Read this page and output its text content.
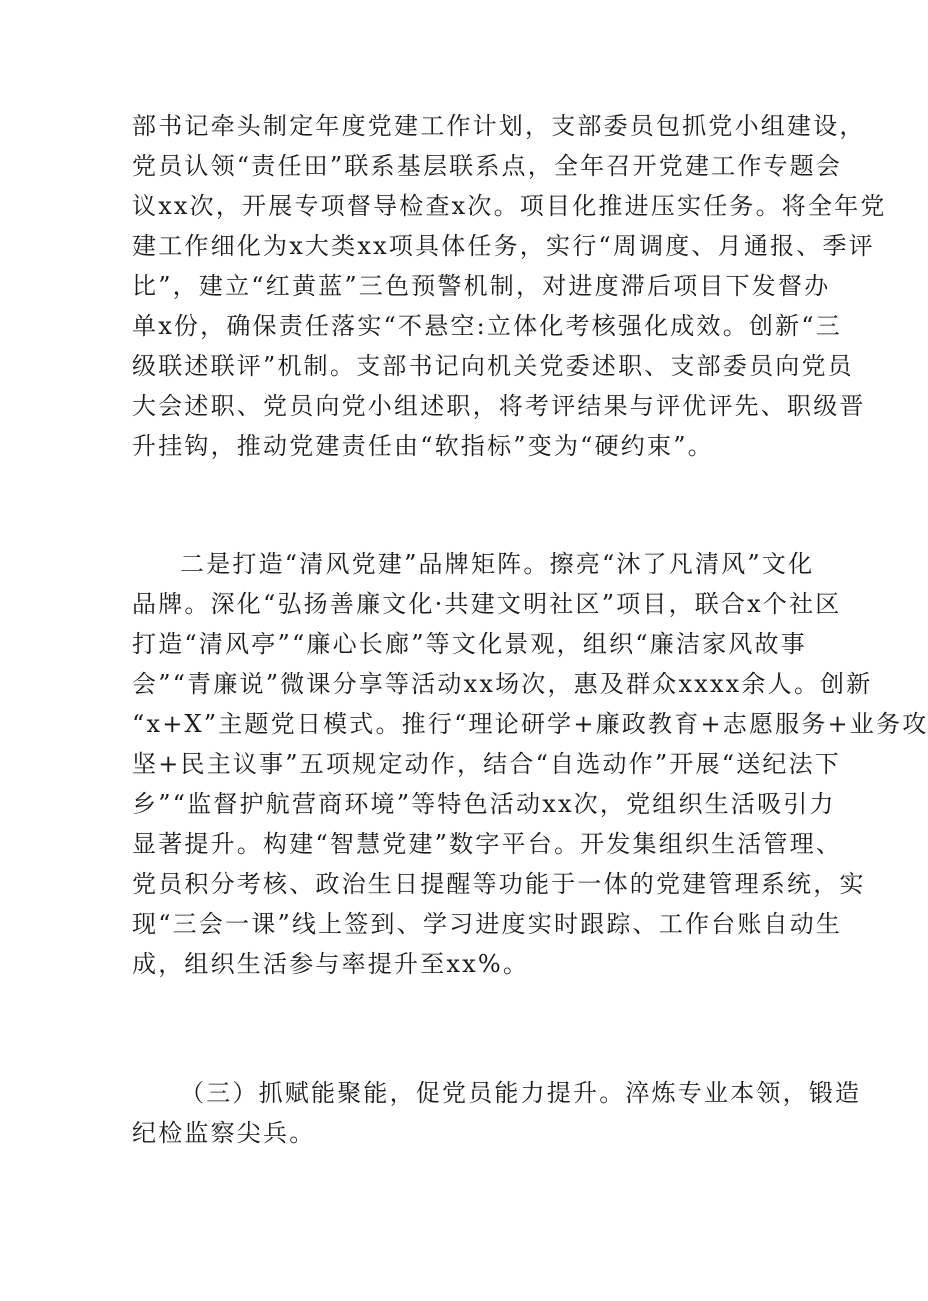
部书记牵头制定年度党建工作计划，支部委员包抓党小组建设，
党员认领“责任田”联系基层联系点，全年召开党建工作专题会
议xx次，开展专项督导检查x次。项目化推进压实任务。将全年党
建工作细化为x大类xx项具体任务，实行“周调度、月通报、季评
比”，建立“红黄蓝”三色预警机制，对进度滞后项目下发督办
单x份，确保责任落实“不悬空:立体化考核强化成效。创新“三
级联述联评”机制。支部书记向机关党委述职、支部委员向党员
大会述职、党员向党小组述职，将考评结果与评优评先、职级晋
升挂钩，推动党建责任由“软指标”变为“硬约束”。
二是打造“清风党建”品牌矩阵。擦亮“沐了凡清风”文化
品牌。深化“弘扬善廉文化·共建文明社区”项目，联合x个社区
打造“清风亭”“廉心长廊”等文化景观，组织“廉洁家风故事
会”“青廉说”微课分享等活动xx场次，惠及群众xxxx余人。创新
“x+X”主题党日模式。推行“理论研学+廉政教育+志愿服务+业务攻
坚+民主议事”五项规定动作，结合“自选动作”开展“送纪法下
乡”“监督护航营商环境”等特色活动xx次，党组织生活吸引力
显著提升。构建“智慧党建”数字平台。开发集组织生活管理、
党员积分考核、政治生日提醒等功能于一体的党建管理系统，实
现“三会一课”线上签到、学习进度实时跟踪、工作台账自动生
成，组织生活参与率提升至xx%。
（三）抓赋能聚能，促党员能力提升。淬炼专业本领，锻造
纪检监察尖兵。
